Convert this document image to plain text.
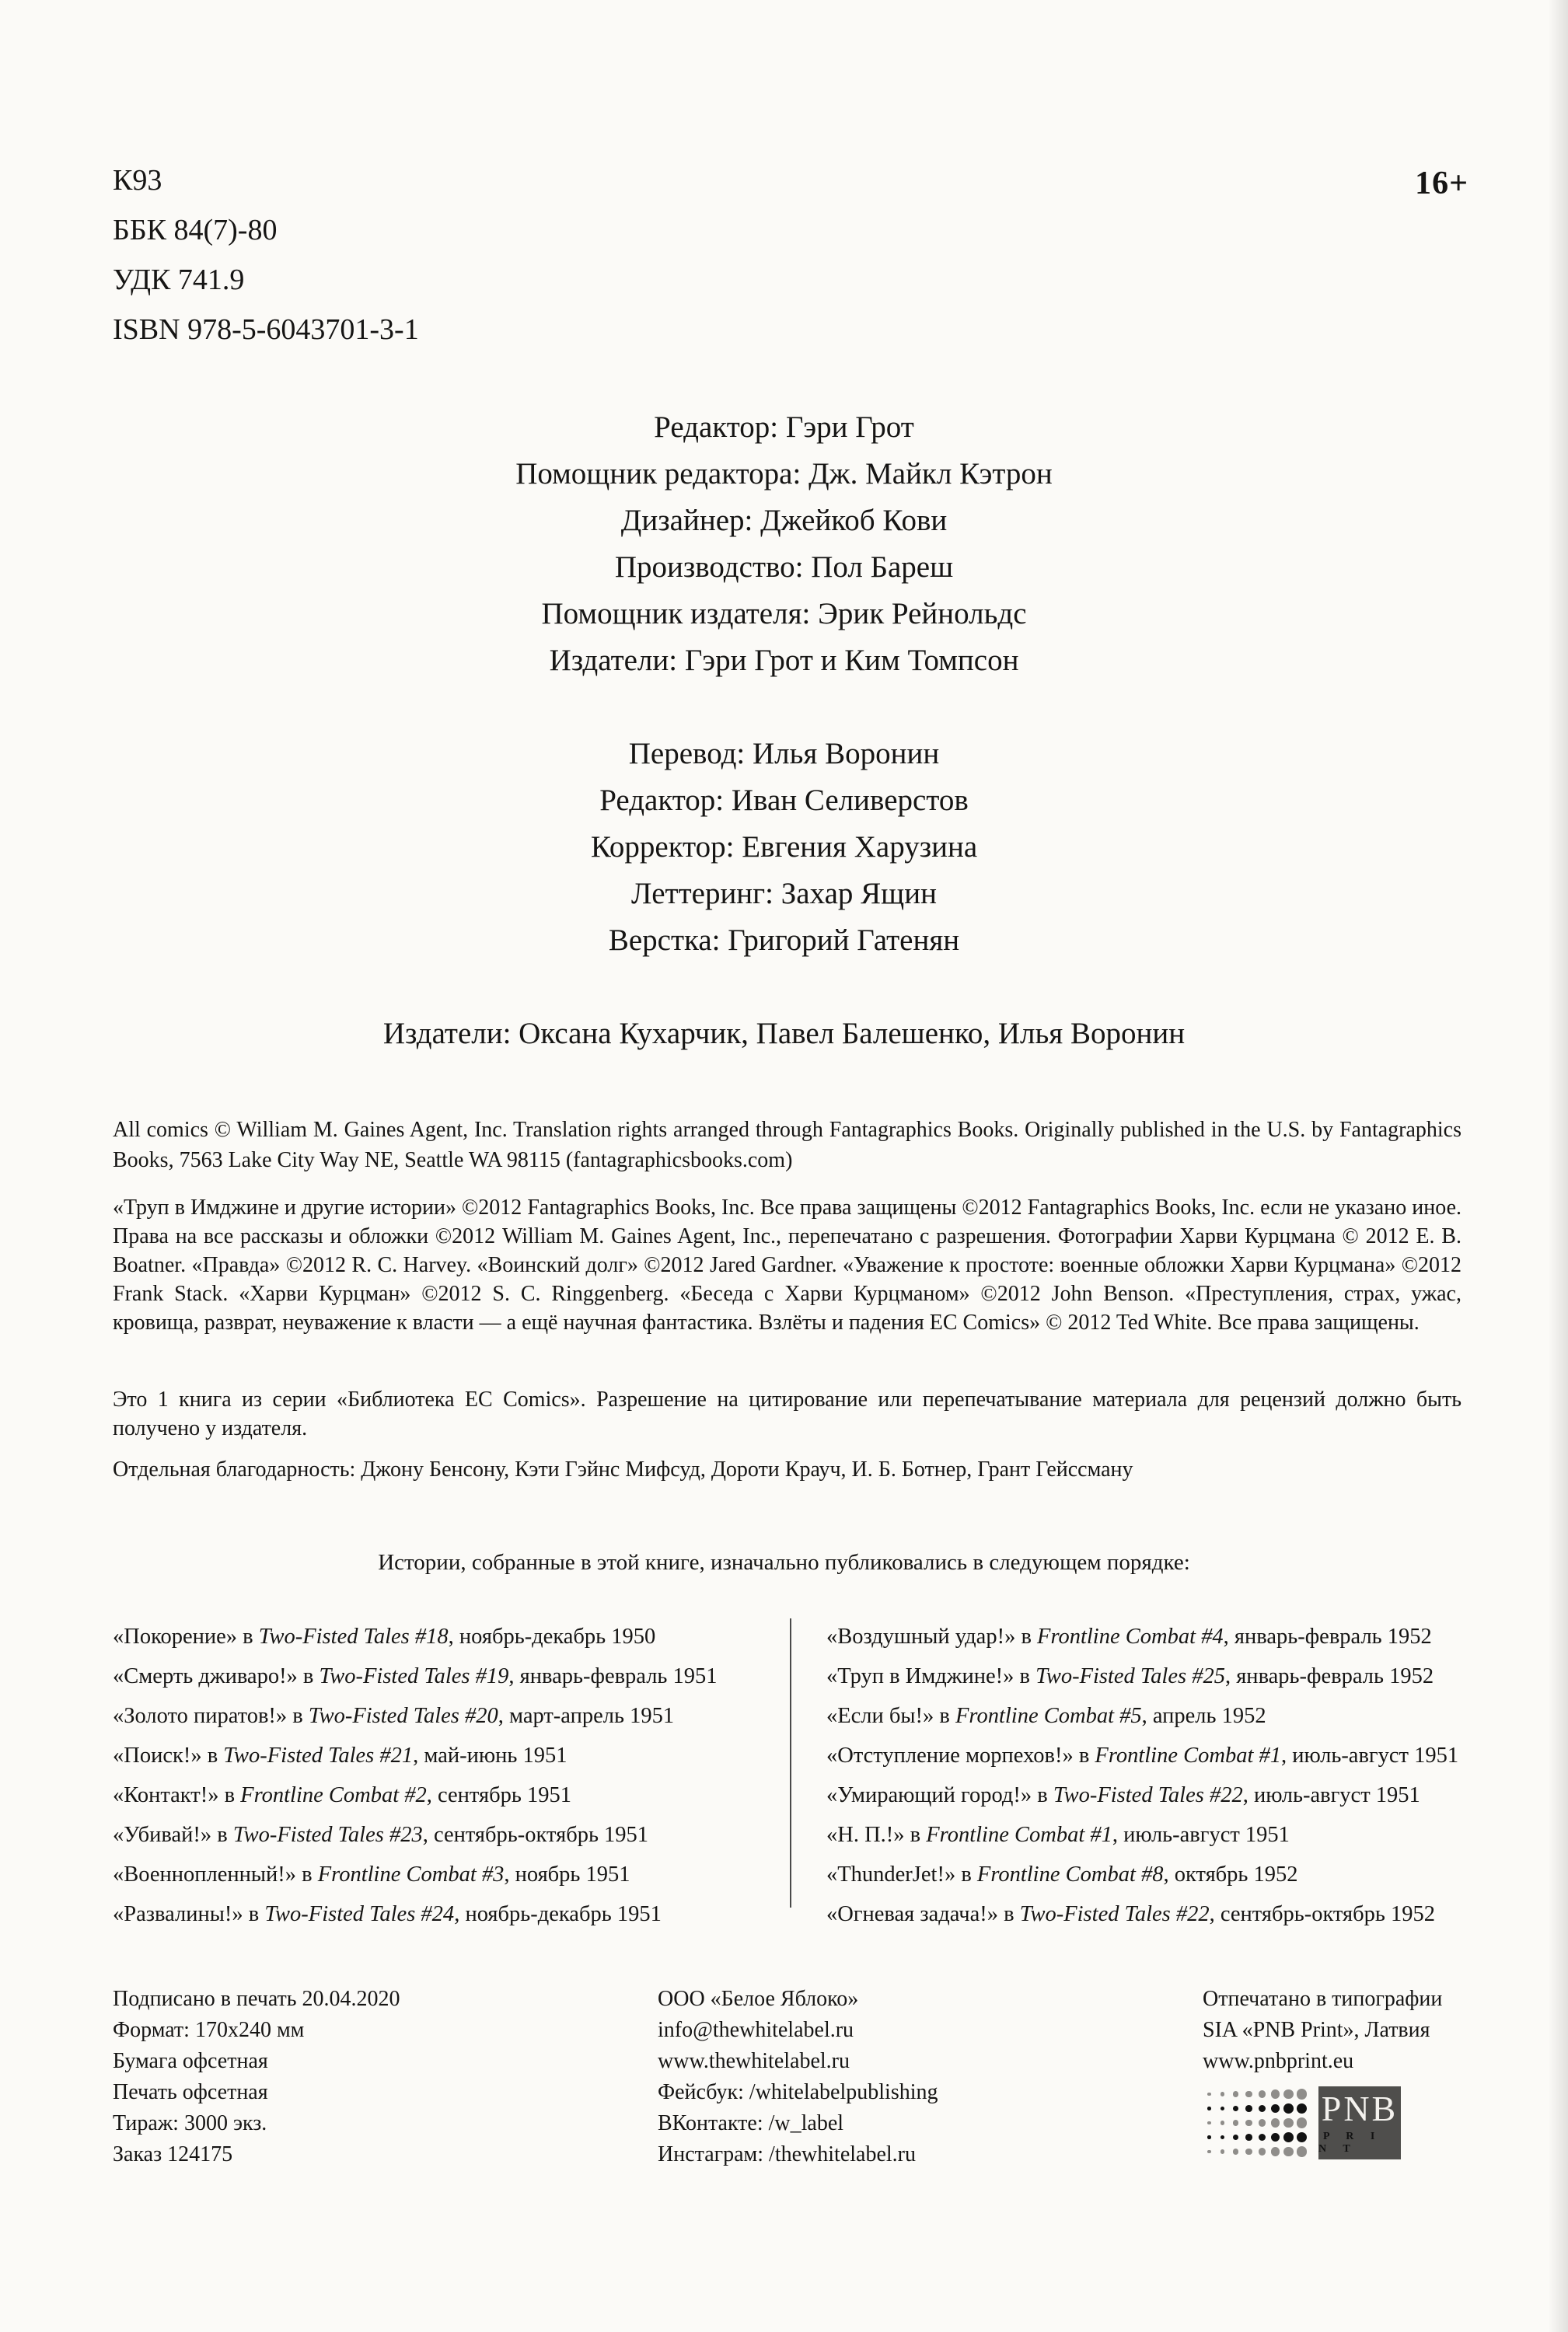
К93
ББК 84(7)-80
УДК 741.9
ISBN 978-5-6043701-3-1
16+
Редактор: Гэри Грот
Помощник редактора: Дж. Майкл Кэтрон
Дизайнер: Джейкоб Кови
Производство: Пол Бареш
Помощник издателя: Эрик Рейнольдс
Издатели: Гэри Грот и Ким Томпсон
Перевод: Илья Воронин
Редактор: Иван Селиверстов
Корректор: Евгения Харузина
Леттеринг: Захар Ящин
Верстка: Григорий Гатенян
Издатели: Оксана Кухарчик, Павел Балешенко, Илья Воронин
All comics © William M. Gaines Agent, Inc. Translation rights arranged through Fantagraphics Books. Originally published in the U.S. by Fantagraphics Books, 7563 Lake City Way NE, Seattle WA 98115 (fantagraphicsbooks.com)
«Труп в Имджине и другие истории» ©2012 Fantagraphics Books, Inc. Все права защищены ©2012 Fantagraphics Books, Inc. если не указано иное. Права на все рассказы и обложки ©2012 William M. Gaines Agent, Inc., перепечатано с разрешения. Фотографии Харви Курцмана © 2012 E. B. Boatner. «Правда» ©2012 R. C. Harvey. «Воинский долг» ©2012 Jared Gardner. «Уважение к простоте: военные обложки Харви Курцмана» ©2012 Frank Stack. «Харви Курцман» ©2012 S. C. Ringgenberg. «Беседа с Харви Курцманом» ©2012 John Benson. «Преступления, страх, ужас, кровища, разврат, неуважение к власти — а ещё научная фантастика. Взлёты и падения EC Comics» © 2012 Ted White. Все права защищены.
Это 1 книга из серии «Библиотека EC Comics». Разрешение на цитирование или перепечатывание материала для рецензий должно быть получено у издателя.
Отдельная благодарность: Джону Бенсону, Кэти Гэйнс Мифсуд, Дороти Крауч, И. Б. Ботнер, Грант Гейссману
Истории, собранные в этой книге, изначально публиковались в следующем порядке:
«Покорение» в Two-Fisted Tales #18, ноябрь-декабрь 1950
«Смерть дживаро!» в Two-Fisted Tales #19, январь-февраль 1951
«Золото пиратов!» в Two-Fisted Tales #20, март-апрель 1951
«Поиск!» в Two-Fisted Tales #21, май-июнь 1951
«Контакт!» в Frontline Combat #2, сентябрь 1951
«Убивай!» в Two-Fisted Tales #23, сентябрь-октябрь 1951
«Военнопленный!» в Frontline Combat #3, ноябрь 1951
«Развалины!» в Two-Fisted Tales #24, ноябрь-декабрь 1951
«Воздушный удар!» в Frontline Combat #4, январь-февраль 1952
«Труп в Имджине!» в Two-Fisted Tales #25, январь-февраль 1952
«Если бы!» в Frontline Combat #5, апрель 1952
«Отступление морпехов!» в Frontline Combat #1, июль-август 1951
«Умирающий город!» в Two-Fisted Tales #22, июль-август 1951
«Н. П.!» в Frontline Combat #1, июль-август 1951
«ThunderJet!» в Frontline Combat #8, октябрь 1952
«Огневая задача!» в Two-Fisted Tales #22, сентябрь-октябрь 1952
Подписано в печать 20.04.2020
Формат: 170x240 мм
Бумага офсетная
Печать офсетная
Тираж: 3000 экз.
Заказ 124175
ООО «Белое Яблоко»
info@thewhitelabel.ru
www.thewhitelabel.ru
Фейсбук: /whitelabelpublishing
ВКонтакте: /w_label
Инстаграм: /thewhitelabel.ru
Отпечатано в типографии
SIA «PNB Print», Латвия
www.pnbprint.eu
PNB
P R I N T
